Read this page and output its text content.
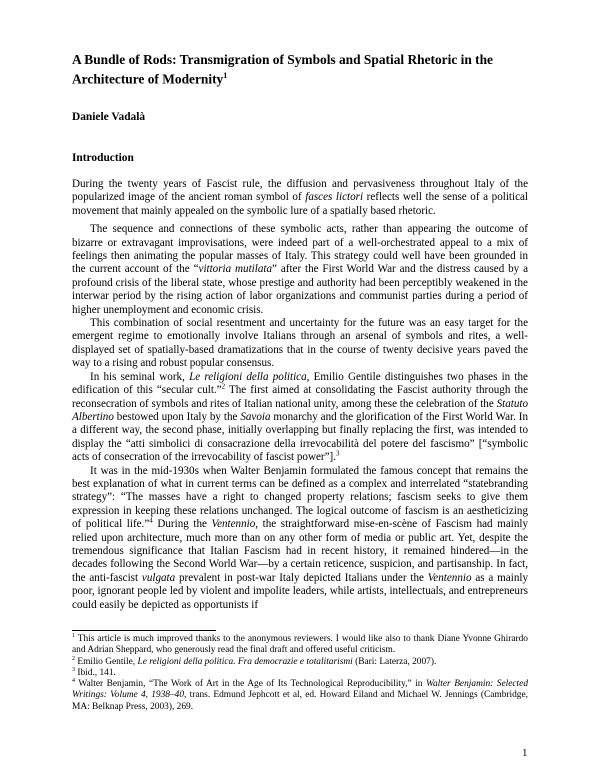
A Bundle of Rods: Transmigration of Symbols and Spatial Rhetoric in the Architecture of Modernity$^1$
Daniele Vadalà
Introduction

During the twenty years of Fascist rule, the diffusion and pervasiveness throughout Italy of the popularized image of the ancient roman symbol of fasces lictori reflects well the sense of a political movement that mainly appealed on the symbolic lure of a spatially based rhetoric.

The sequence and connections of these symbolic acts, rather than appearing the outcome of bizarre or extravagant improvisations, were indeed part of a well-orchestrated appeal to a mix of feelings then animating the popular masses of Italy. This strategy could well have been grounded in the current account of the “vittoria mutilata” after the First World War and the distress caused by a profound crisis of the liberal state, whose prestige and authority had been perceptibly weakened in the interwar period by the rising action of labor organizations and communist parties during a period of higher unemployment and economic crisis.

This combination of social resentment and uncertainty for the future was an easy target for the emergent regime to emotionally involve Italians through an arsenal of symbols and rites, a well-displayed set of spatially-based dramatizations that in the course of twenty decisive years paved the way to a rising and robust popular consensus.

In his seminal work, Le religioni della politica, Emilio Gentile distinguishes two phases in the edification of this “secular cult.”$^2$ The first aimed at consolidating the Fascist authority through the reconsecration of symbols and rites of Italian national unity, among these the celebration of the Statuto Albertino bestowed upon Italy by the Savoia monarchy and the glorification of the First World War. In a different way, the second phase, initially overlapping but finally replacing the first, was intended to display the “atti simbolici di consacrazione della irrevocabilità del potere del fascismo” [“symbolic acts of consecration of the irrevocability of fascist power”].$^3$

It was in the mid-1930s when Walter Benjamin formulated the famous concept that remains the best explanation of what in current terms can be defined as a complex and interrelated “statebranding strategy”: “The masses have a right to changed property relations; fascism seeks to give them expression in keeping these relations unchanged. The logical outcome of fascism is an aestheticizing of political life.”$^4$ During the Ventennio, the straightforward mise-en-scène of Fascism had mainly relied upon architecture, much more than on any other form of media or public art. Yet, despite the tremendous significance that Italian Fascism had in recent history, it remained hindered—in the decades following the Second World War—by a certain reticence, suspicion, and partisanship. In fact, the anti-fascist vulgata prevalent in post-war Italy depicted Italians under the Ventennio as a mainly poor, ignorant people led by violent and impolite leaders, while artists, intellectuals, and entrepreneurs could easily be depicted as opportunists if

$^1$ This article is much improved thanks to the anonymous reviewers. I would like also to thank Diane Yvonne Ghirardo and Adrian Sheppard, who generously read the final draft and offered useful criticism.

$^2$ Emilio Gentile, Le religioni della politica. Fra democrazie e totalitarismi (Bari: Laterza, 2007).

$^3$ Ibid., 141.

$^4$ Walter Benjamin, “The Work of Art in the Age of Its Technological Reproducibility,” in Walter Benjamin: Selected Writings: Volume 4, 1938–40, trans. Edmund Jephcott et al, ed. Howard Eiland and Michael W. Jennings (Cambridge, MA: Belknap Press, 2003), 269.

1
